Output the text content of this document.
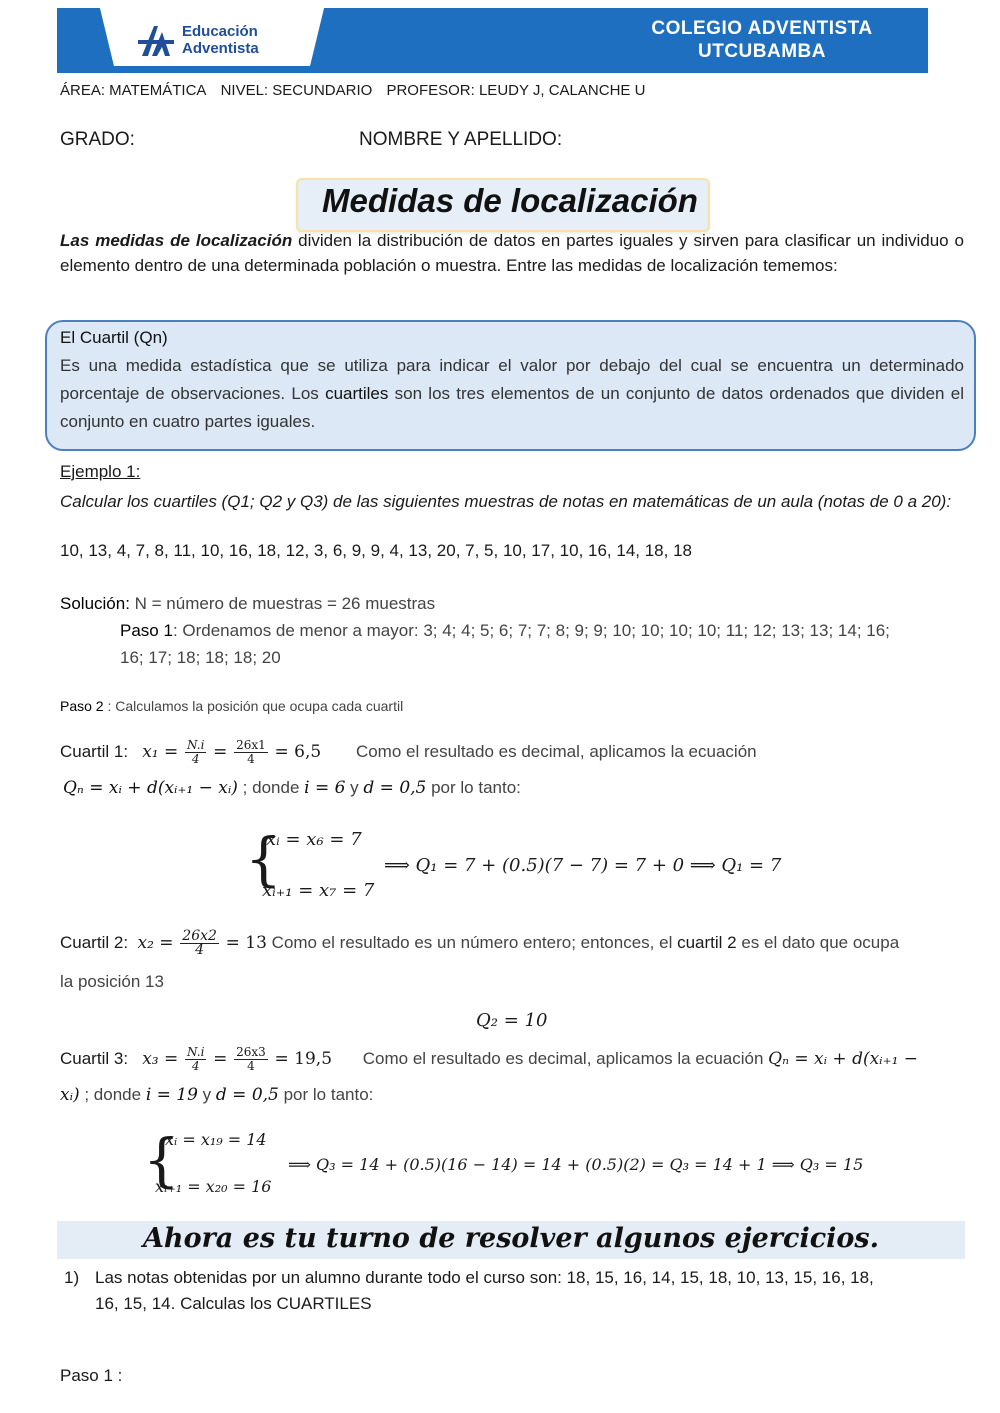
Educación
Adventista
COLEGIO ADVENTISTA
UTCUBAMBA
ÁREA: MATEMÁTICA NIVEL: SECUNDARIO PROFESOR: LEUDY J, CALANCHE U
GRADO:	NOMBRE Y APELLIDO:
Medidas de localización
Las medidas de localización dividen la distribución de datos en partes iguales y sirven para clasificar un individuo o elemento dentro de una determinada población o muestra. Entre las medidas de localización tememos:
El Cuartil (Qn)
Es una medida estadística que se utiliza para indicar el valor por debajo del cual se encuentra un determinado porcentaje de observaciones. Los cuartiles son los tres elementos de un conjunto de datos ordenados que dividen el conjunto en cuatro partes iguales.
Ejemplo 1:
Calcular los cuartiles (Q1; Q2 y Q3) de las siguientes muestras de notas en matemáticas de un aula (notas de 0 a 20):
10, 13, 4, 7, 8, 11, 10, 16, 18, 12, 3, 6, 9, 9, 4, 13, 20, 7, 5, 10, 17, 10, 16, 14, 18, 18
Solución: N = número de muestras = 26 muestras
Paso 1: Ordenamos de menor a mayor: 3; 4; 4; 5; 6; 7; 7; 8; 9; 9; 10; 10; 10; 10; 11; 12; 13; 13; 14; 16;
16; 17; 18; 18; 18; 20
Paso 2 : Calculamos la posición que ocupa cada cuartil
Cuartil 1: $x_1 = \frac{N.i}{4} = \frac{26x1}{4} = 6,5$ Como el resultado es decimal, aplicamos la ecuación
Qₙ = xᵢ + d(xᵢ₊₁ − xᵢ) ; donde i = 6 y d = 0,5 por lo tanto:
{
xᵢ = x₆ = 7
xᵢ₊₁ = x₇ = 7
⟹ Q₁ = 7 + (0.5)(7 − 7) = 7 + 0 ⟹ Q₁ = 7
Cuartil 2: $x_2 = \frac{26x2}{4} = 13$ Como el resultado es un número entero; entonces, el cuartil 2 es el dato que ocupa
la posición 13
Q₂ = 10
Cuartil 3: $x_3 = \frac{N.i}{4} = \frac{26x3}{4} = 19,5$ Como el resultado es decimal, aplicamos la ecuación Qₙ = xᵢ + d(xᵢ₊₁ −
xᵢ) ; donde i = 19 y d = 0,5 por lo tanto:
{
xᵢ = x₁₉ = 14
xᵢ₊₁ = x₂₀ = 16
⟹ Q₃ = 14 + (0.5)(16 − 14) = 14 + (0.5)(2) = Q₃ = 14 + 1 ⟹ Q₃ = 15
Ahora es tu turno de resolver algunos ejercicios.
1) Las notas obtenidas por un alumno durante todo el curso son: 18, 15, 16, 14, 15, 18, 10, 13, 15, 16, 18,
16, 15, 14. Calculas los CUARTILES
Paso 1 :
